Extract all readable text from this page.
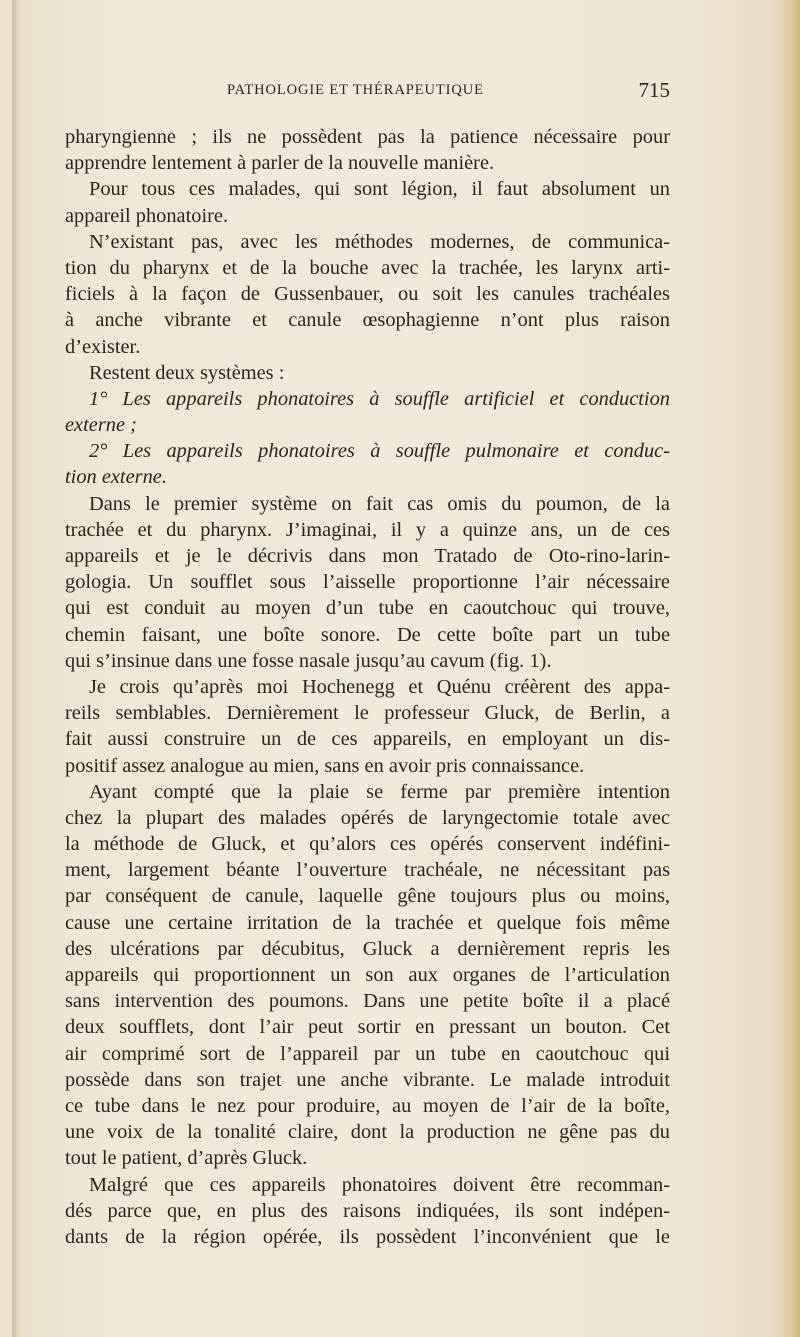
PATHOLOGIE ET THÉRAPEUTIQUE	715
pharyngienne ; ils ne possèdent pas la patience nécessaire pour
apprendre lentement à parler de la nouvelle manière.
Pour tous ces malades, qui sont légion, il faut absolument un
appareil phonatoire.
N’existant pas, avec les méthodes modernes, de communica-
tion du pharynx et de la bouche avec la trachée, les larynx arti-
ficiels à la façon de Gussenbauer, ou soit les canules trachéales
à anche vibrante et canule œsophagienne n’ont plus raison
d’exister.
Restent deux systèmes :
1° Les appareils phonatoires à souffle artificiel et conduction
externe ;
2° Les appareils phonatoires à souffle pulmonaire et conduc-
tion externe.
Dans le premier système on fait cas omis du poumon, de la
trachée et du pharynx. J’imaginai, il y a quinze ans, un de ces
appareils et je le décrivis dans mon Tratado de Oto-rino-larin-
gologia. Un soufflet sous l’aisselle proportionne l’air nécessaire
qui est conduit au moyen d’un tube en caoutchouc qui trouve,
chemin faisant, une boîte sonore. De cette boîte part un tube
qui s’insinue dans une fosse nasale jusqu’au cavum (fig. 1).
Je crois qu’après moi Hochenegg et Quénu créèrent des appa-
reils semblables. Dernièrement le professeur Gluck, de Berlin, a
fait aussi construire un de ces appareils, en employant un dis-
positif assez analogue au mien, sans en avoir pris connaissance.
Ayant compté que la plaie se ferme par première intention
chez la plupart des malades opérés de laryngectomie totale avec
la méthode de Gluck, et qu’alors ces opérés conservent indéfini-
ment, largement béante l’ouverture trachéale, ne nécessitant pas
par conséquent de canule, laquelle gêne toujours plus ou moins,
cause une certaine irritation de la trachée et quelque fois même
des ulcérations par décubitus, Gluck a dernièrement repris les
appareils qui proportionnent un son aux organes de l’articulation
sans intervention des poumons. Dans une petite boîte il a placé
deux soufflets, dont l’air peut sortir en pressant un bouton. Cet
air comprimé sort de l’appareil par un tube en caoutchouc qui
possède dans son trajet une anche vibrante. Le malade introduit
ce tube dans le nez pour produire, au moyen de l’air de la boîte,
une voix de la tonalité claire, dont la production ne gêne pas du
tout le patient, d’après Gluck.
Malgré que ces appareils phonatoires doivent être recomman-
dés parce que, en plus des raisons indiquées, ils sont indépen-
dants de la région opérée, ils possèdent l’inconvénient que le
